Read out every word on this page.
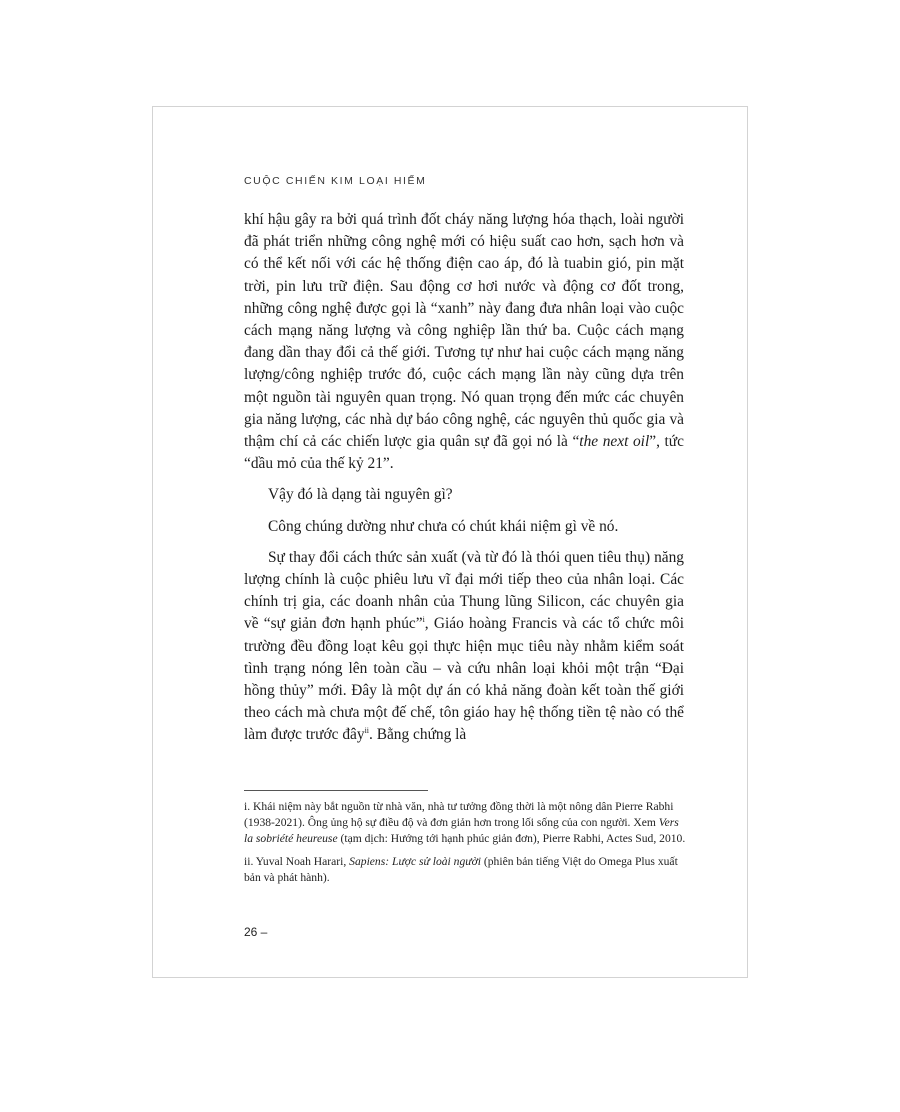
CUỘC CHIẾN KIM LOẠI HIẾM

khí hậu gây ra bởi quá trình đốt cháy năng lượng hóa thạch, loài người đã phát triển những công nghệ mới có hiệu suất cao hơn, sạch hơn và có thể kết nối với các hệ thống điện cao áp, đó là tuabin gió, pin mặt trời, pin lưu trữ điện. Sau động cơ hơi nước và động cơ đốt trong, những công nghệ được gọi là “xanh” này đang đưa nhân loại vào cuộc cách mạng năng lượng và công nghiệp lần thứ ba. Cuộc cách mạng đang dần thay đổi cả thế giới. Tương tự như hai cuộc cách mạng năng lượng/công nghiệp trước đó, cuộc cách mạng lần này cũng dựa trên một nguồn tài nguyên quan trọng. Nó quan trọng đến mức các chuyên gia năng lượng, các nhà dự báo công nghệ, các nguyên thủ quốc gia và thậm chí cả các chiến lược gia quân sự đã gọi nó là “the next oil”, tức “dầu mỏ của thế kỷ 21”.

Vậy đó là dạng tài nguyên gì?

Công chúng dường như chưa có chút khái niệm gì về nó.

Sự thay đổi cách thức sản xuất (và từ đó là thói quen tiêu thụ) năng lượng chính là cuộc phiêu lưu vĩ đại mới tiếp theo của nhân loại. Các chính trị gia, các doanh nhân của Thung lũng Silicon, các chuyên gia về “sự giản đơn hạnh phúc”$^i$, Giáo hoàng Francis và các tổ chức môi trường đều đồng loạt kêu gọi thực hiện mục tiêu này nhằm kiểm soát tình trạng nóng lên toàn cầu – và cứu nhân loại khỏi một trận “Đại hồng thủy” mới. Đây là một dự án có khả năng đoàn kết toàn thế giới theo cách mà chưa một đế chế, tôn giáo hay hệ thống tiền tệ nào có thể làm được trước đây$^{ii}$. Bằng chứng là

i. Khái niệm này bắt nguồn từ nhà văn, nhà tư tưởng đồng thời là một nông dân Pierre Rabhi (1938-2021). Ông ủng hộ sự điều độ và đơn giản hơn trong lối sống của con người. Xem Vers la sobriété heureuse (tạm dịch: Hướng tới hạnh phúc giản đơn), Pierre Rabhi, Actes Sud, 2010.

ii. Yuval Noah Harari, Sapiens: Lược sử loài người (phiên bản tiếng Việt do Omega Plus xuất bản và phát hành).

26 –
